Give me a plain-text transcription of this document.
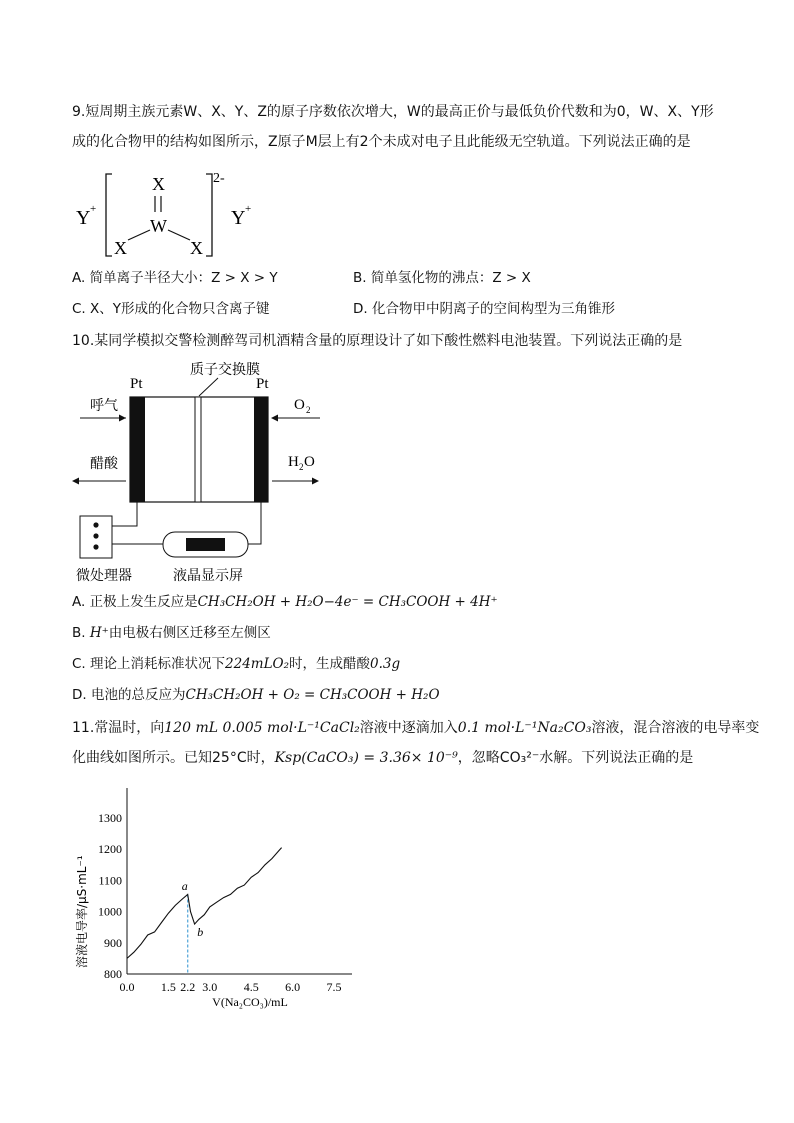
9.短周期主族元素W、X、Y、Z的原子序数依次增大，W的最高正价与最低负价代数和为0，W、X、Y形
成的化合物甲的结构如图所示，Z原子M层上有2个未成对电子且此能级无空轨道。下列说法正确的是
Y +
X
W
X	X
2-
Y +
A. 简单离子半径大小：Z > X > Y	B. 简单氢化物的沸点：Z > X
C. X、Y形成的化合物只含离子键	D. 化合物甲中阴离子的空间构型为三角锥形
10.某同学模拟交警检测醉驾司机酒精含量的原理设计了如下酸性燃料电池装置。下列说法正确的是
质子交换膜
Pt	Pt
呼气
醋酸
O 2
H 2 O
微处理器	液晶显示屏
A. 正极上发生反应是CH₃CH₂OH + H₂O−4e⁻ = CH₃COOH + 4H⁺
B. H⁺由电极右侧区迁移至左侧区
C. 理论上消耗标准状况下224mLO₂时，生成醋酸0.3g
D. 电池的总反应为CH₃CH₂OH + O₂ = CH₃COOH + H₂O
11.常温时，向120 mL 0.005 mol·L⁻¹CaCl₂溶液中逐滴加入0.1 mol·L⁻¹Na₂CO₃溶液，混合溶液的电导率变
化曲线如图所示。已知25°C时，Ksp(CaCO₃) = 3.36× 10⁻⁹，忽略CO₃²⁻水解。下列说法正确的是
溶液电导率/μS·mL⁻¹
V(Na₂CO₃)/mL
0.0 1.5 2.2 3.0 4.5 6.0 7.5
800
900
1000
1100
1200
1300
a
b
